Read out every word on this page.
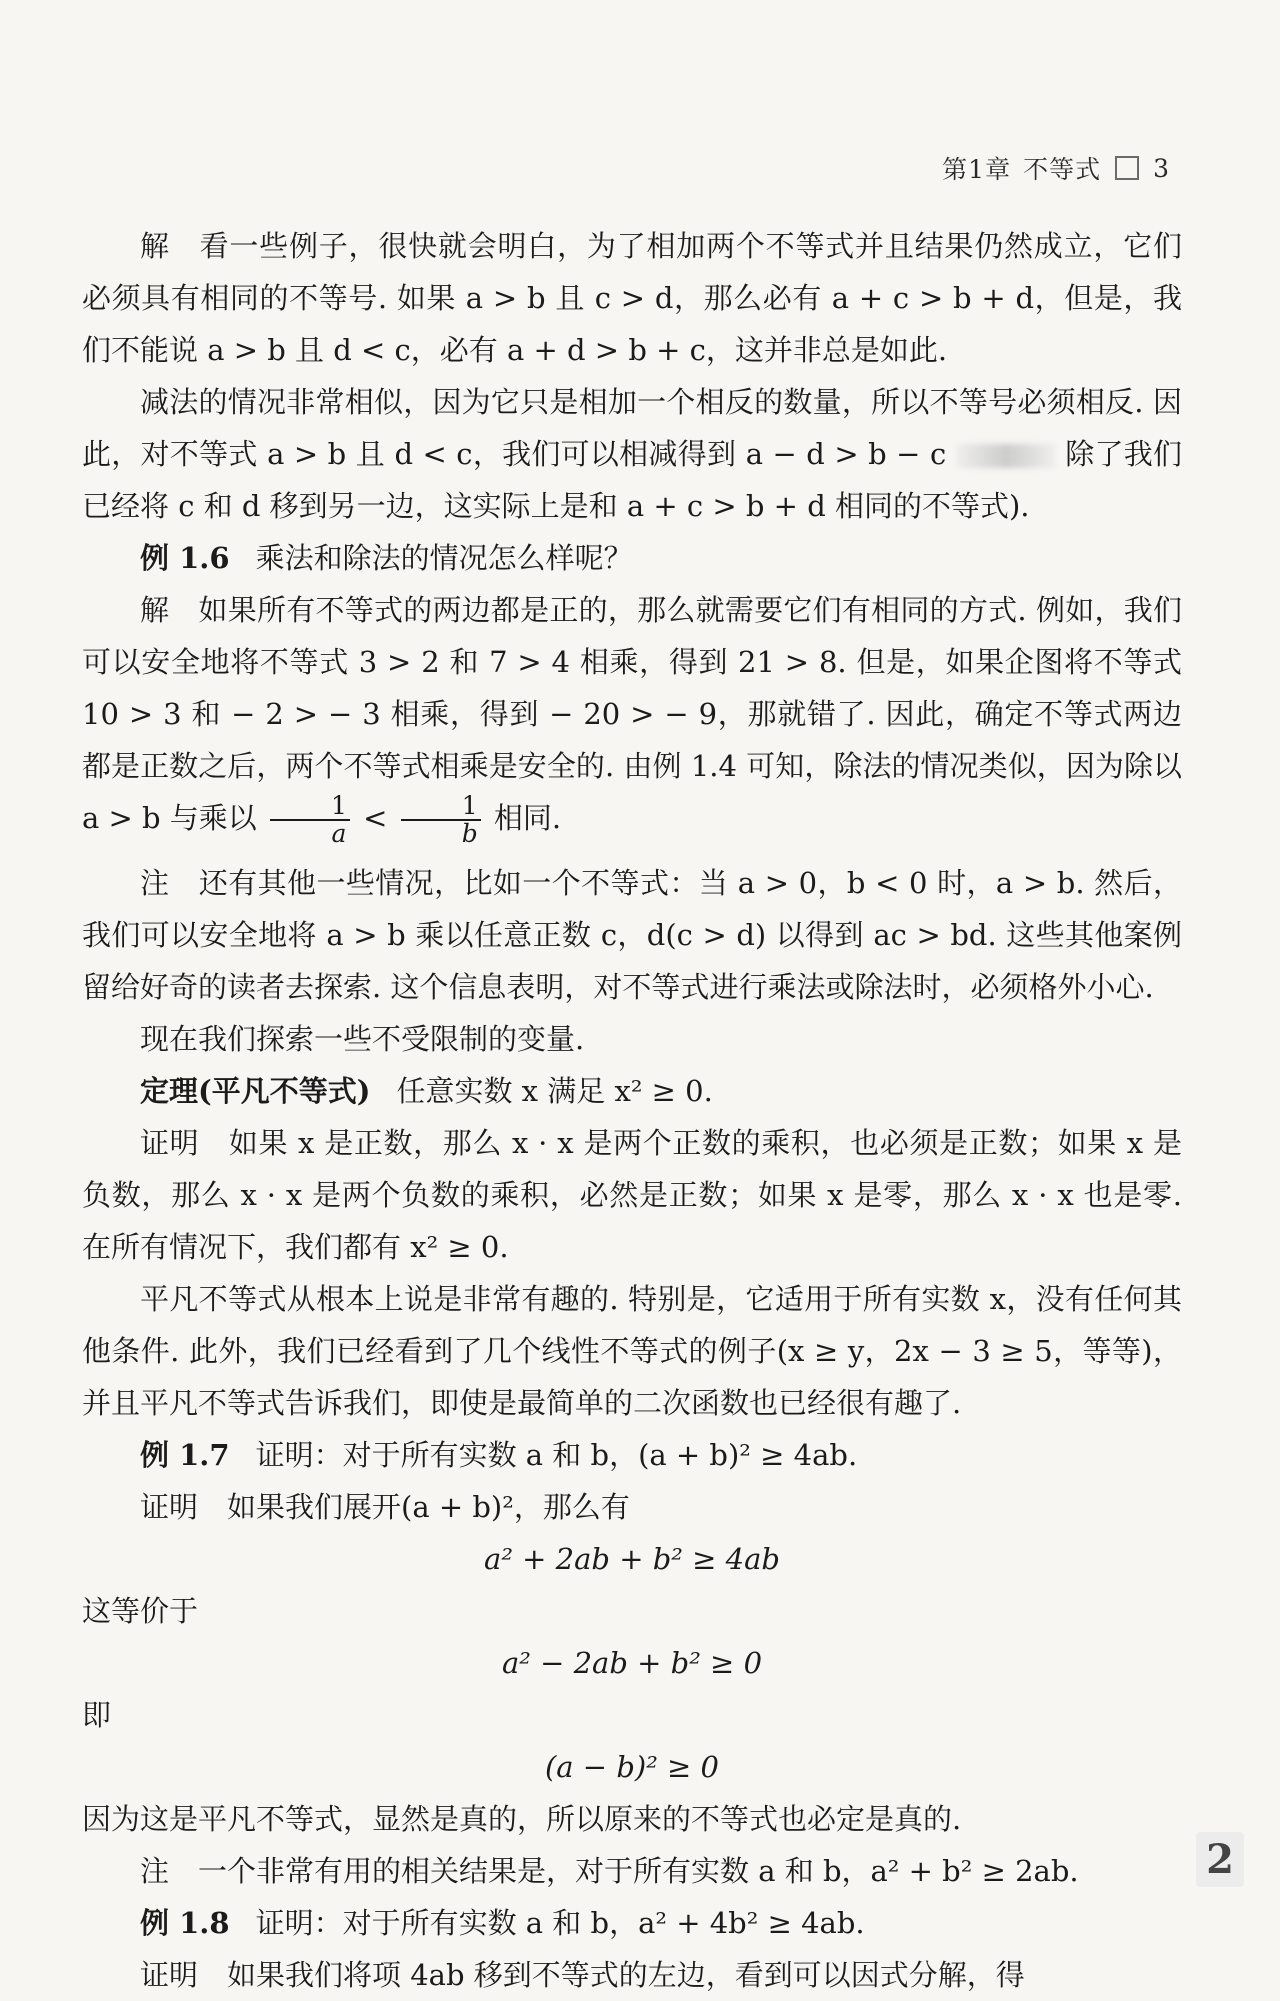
第1章 不等式 3

解　看一些例子，很快就会明白，为了相加两个不等式并且结果仍然成立，它们必须具有相同的不等号. 如果 a > b 且 c > d，那么必有 a + c > b + d，但是，我们不能说 a > b 且 d < c，必有 a + d > b + c，这并非总是如此.

减法的情况非常相似，因为它只是相加一个相反的数量，所以不等号必须相反. 因此，对不等式 a > b 且 d < c，我们可以相减得到 a − d > b − c	除了我们已经将 c 和 d 移到另一边，这实际上是和 a + c > b + d 相同的不等式).

例 1.6 乘法和除法的情况怎么样呢？

解　如果所有不等式的两边都是正的，那么就需要它们有相同的方式. 例如，我们可以安全地将不等式 3 > 2 和 7 > 4 相乘，得到 21 > 8. 但是，如果企图将不等式 10 > 3 和 − 2 > − 3 相乘，得到 − 20 > − 9，那就错了. 因此，确定不等式两边都是正数之后，两个不等式相乘是安全的. 由例 1.4 可知，除法的情况类似，因为除以 a > b 与乘以 $\frac{1}{a} < \frac{1}{b}$ 相同.

注　还有其他一些情况，比如一个不等式：当 a > 0，b < 0 时，a > b. 然后，我们可以安全地将 a > b 乘以任意正数 c，d(c > d) 以得到 ac > bd. 这些其他案例留给好奇的读者去探索. 这个信息表明，对不等式进行乘法或除法时，必须格外小心.

现在我们探索一些不受限制的变量.

定理(平凡不等式) 任意实数 x 满足 x² ≥ 0.

证明　如果 x 是正数，那么 x · x 是两个正数的乘积，也必须是正数；如果 x 是负数，那么 x · x 是两个负数的乘积，必然是正数；如果 x 是零，那么 x · x 也是零. 在所有情况下，我们都有 x² ≥ 0.

平凡不等式从根本上说是非常有趣的. 特别是，它适用于所有实数 x，没有任何其他条件. 此外，我们已经看到了几个线性不等式的例子(x ≥ y，2x − 3 ≥ 5，等等)，并且平凡不等式告诉我们，即使是最简单的二次函数也已经很有趣了.

例 1.7 证明：对于所有实数 a 和 b，(a + b)² ≥ 4ab.

证明　如果我们展开(a + b)²，那么有

a² + 2ab + b² ≥ 4ab

这等价于

a² − 2ab + b² ≥ 0

即

(a − b)² ≥ 0

因为这是平凡不等式，显然是真的，所以原来的不等式也必定是真的.

注　一个非常有用的相关结果是，对于所有实数 a 和 b，a² + b² ≥ 2ab.

例 1.8 证明：对于所有实数 a 和 b，a² + 4b² ≥ 4ab.

证明　如果我们将项 4ab 移到不等式的左边，看到可以因式分解，得

2
